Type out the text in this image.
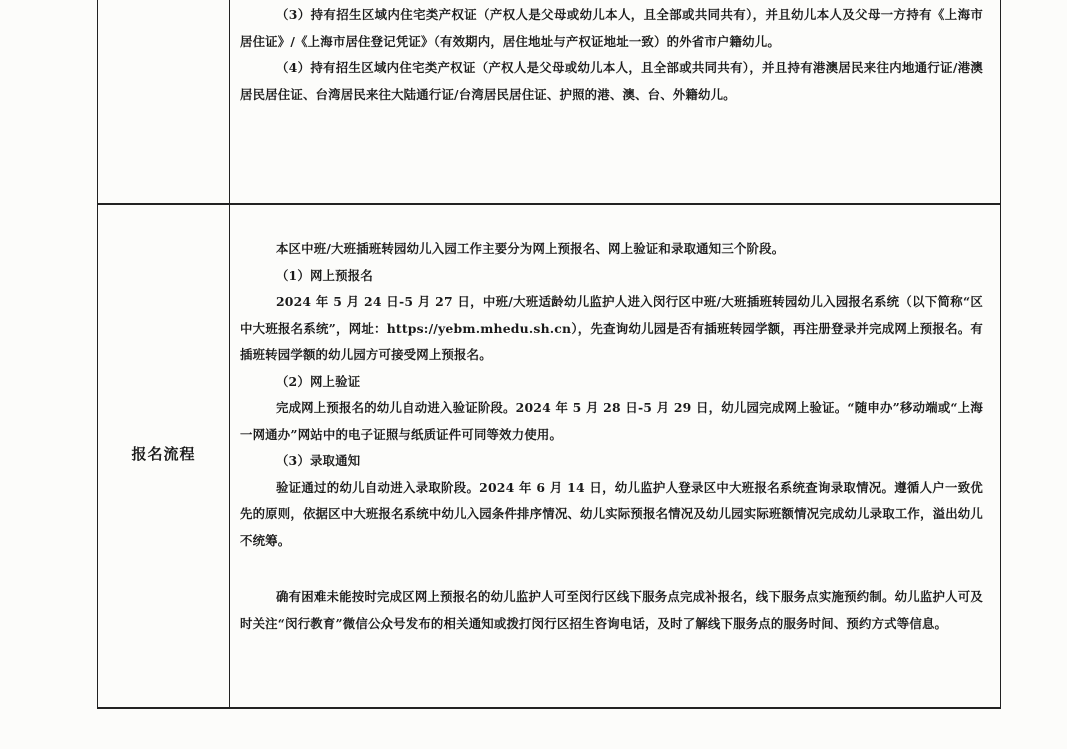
（3）持有招生区域内住宅类产权证（产权人是父母或幼儿本人，且全部或共同共有），并且幼儿本人及父母一方持有《上海市居住证》/《上海市居住登记凭证》（有效期内，居住地址与产权证地址一致）的外省市户籍幼儿。

（4）持有招生区域内住宅类产权证（产权人是父母或幼儿本人，且全部或共同共有），并且持有港澳居民来往内地通行证/港澳居民居住证、台湾居民来往大陆通行证/台湾居民居住证、护照的港、澳、台、外籍幼儿。

报名流程

本区中班/大班插班转园幼儿入园工作主要分为网上预报名、网上验证和录取通知三个阶段。

（1）网上预报名

2024 年 5 月 24 日-5 月 27 日，中班/大班适龄幼儿监护人进入闵行区中班/大班插班转园幼儿入园报名系统（以下简称“区中大班报名系统”，网址：https://yebm.mhedu.sh.cn），先查询幼儿园是否有插班转园学额，再注册登录并完成网上预报名。有插班转园学额的幼儿园方可接受网上预报名。

（2）网上验证

完成网上预报名的幼儿自动进入验证阶段。2024 年 5 月 28 日-5 月 29 日，幼儿园完成网上验证。“随申办”移动端或“上海一网通办”网站中的电子证照与纸质证件可同等效力使用。

（3）录取通知

验证通过的幼儿自动进入录取阶段。2024 年 6 月 14 日，幼儿监护人登录区中大班报名系统查询录取情况。遵循人户一致优先的原则，依据区中大班报名系统中幼儿入园条件排序情况、幼儿实际预报名情况及幼儿园实际班额情况完成幼儿录取工作，溢出幼儿不统筹。

确有困难未能按时完成区网上预报名的幼儿监护人可至闵行区线下服务点完成补报名，线下服务点实施预约制。幼儿监护人可及时关注“闵行教育”微信公众号发布的相关通知或拨打闵行区招生咨询电话，及时了解线下服务点的服务时间、预约方式等信息。
